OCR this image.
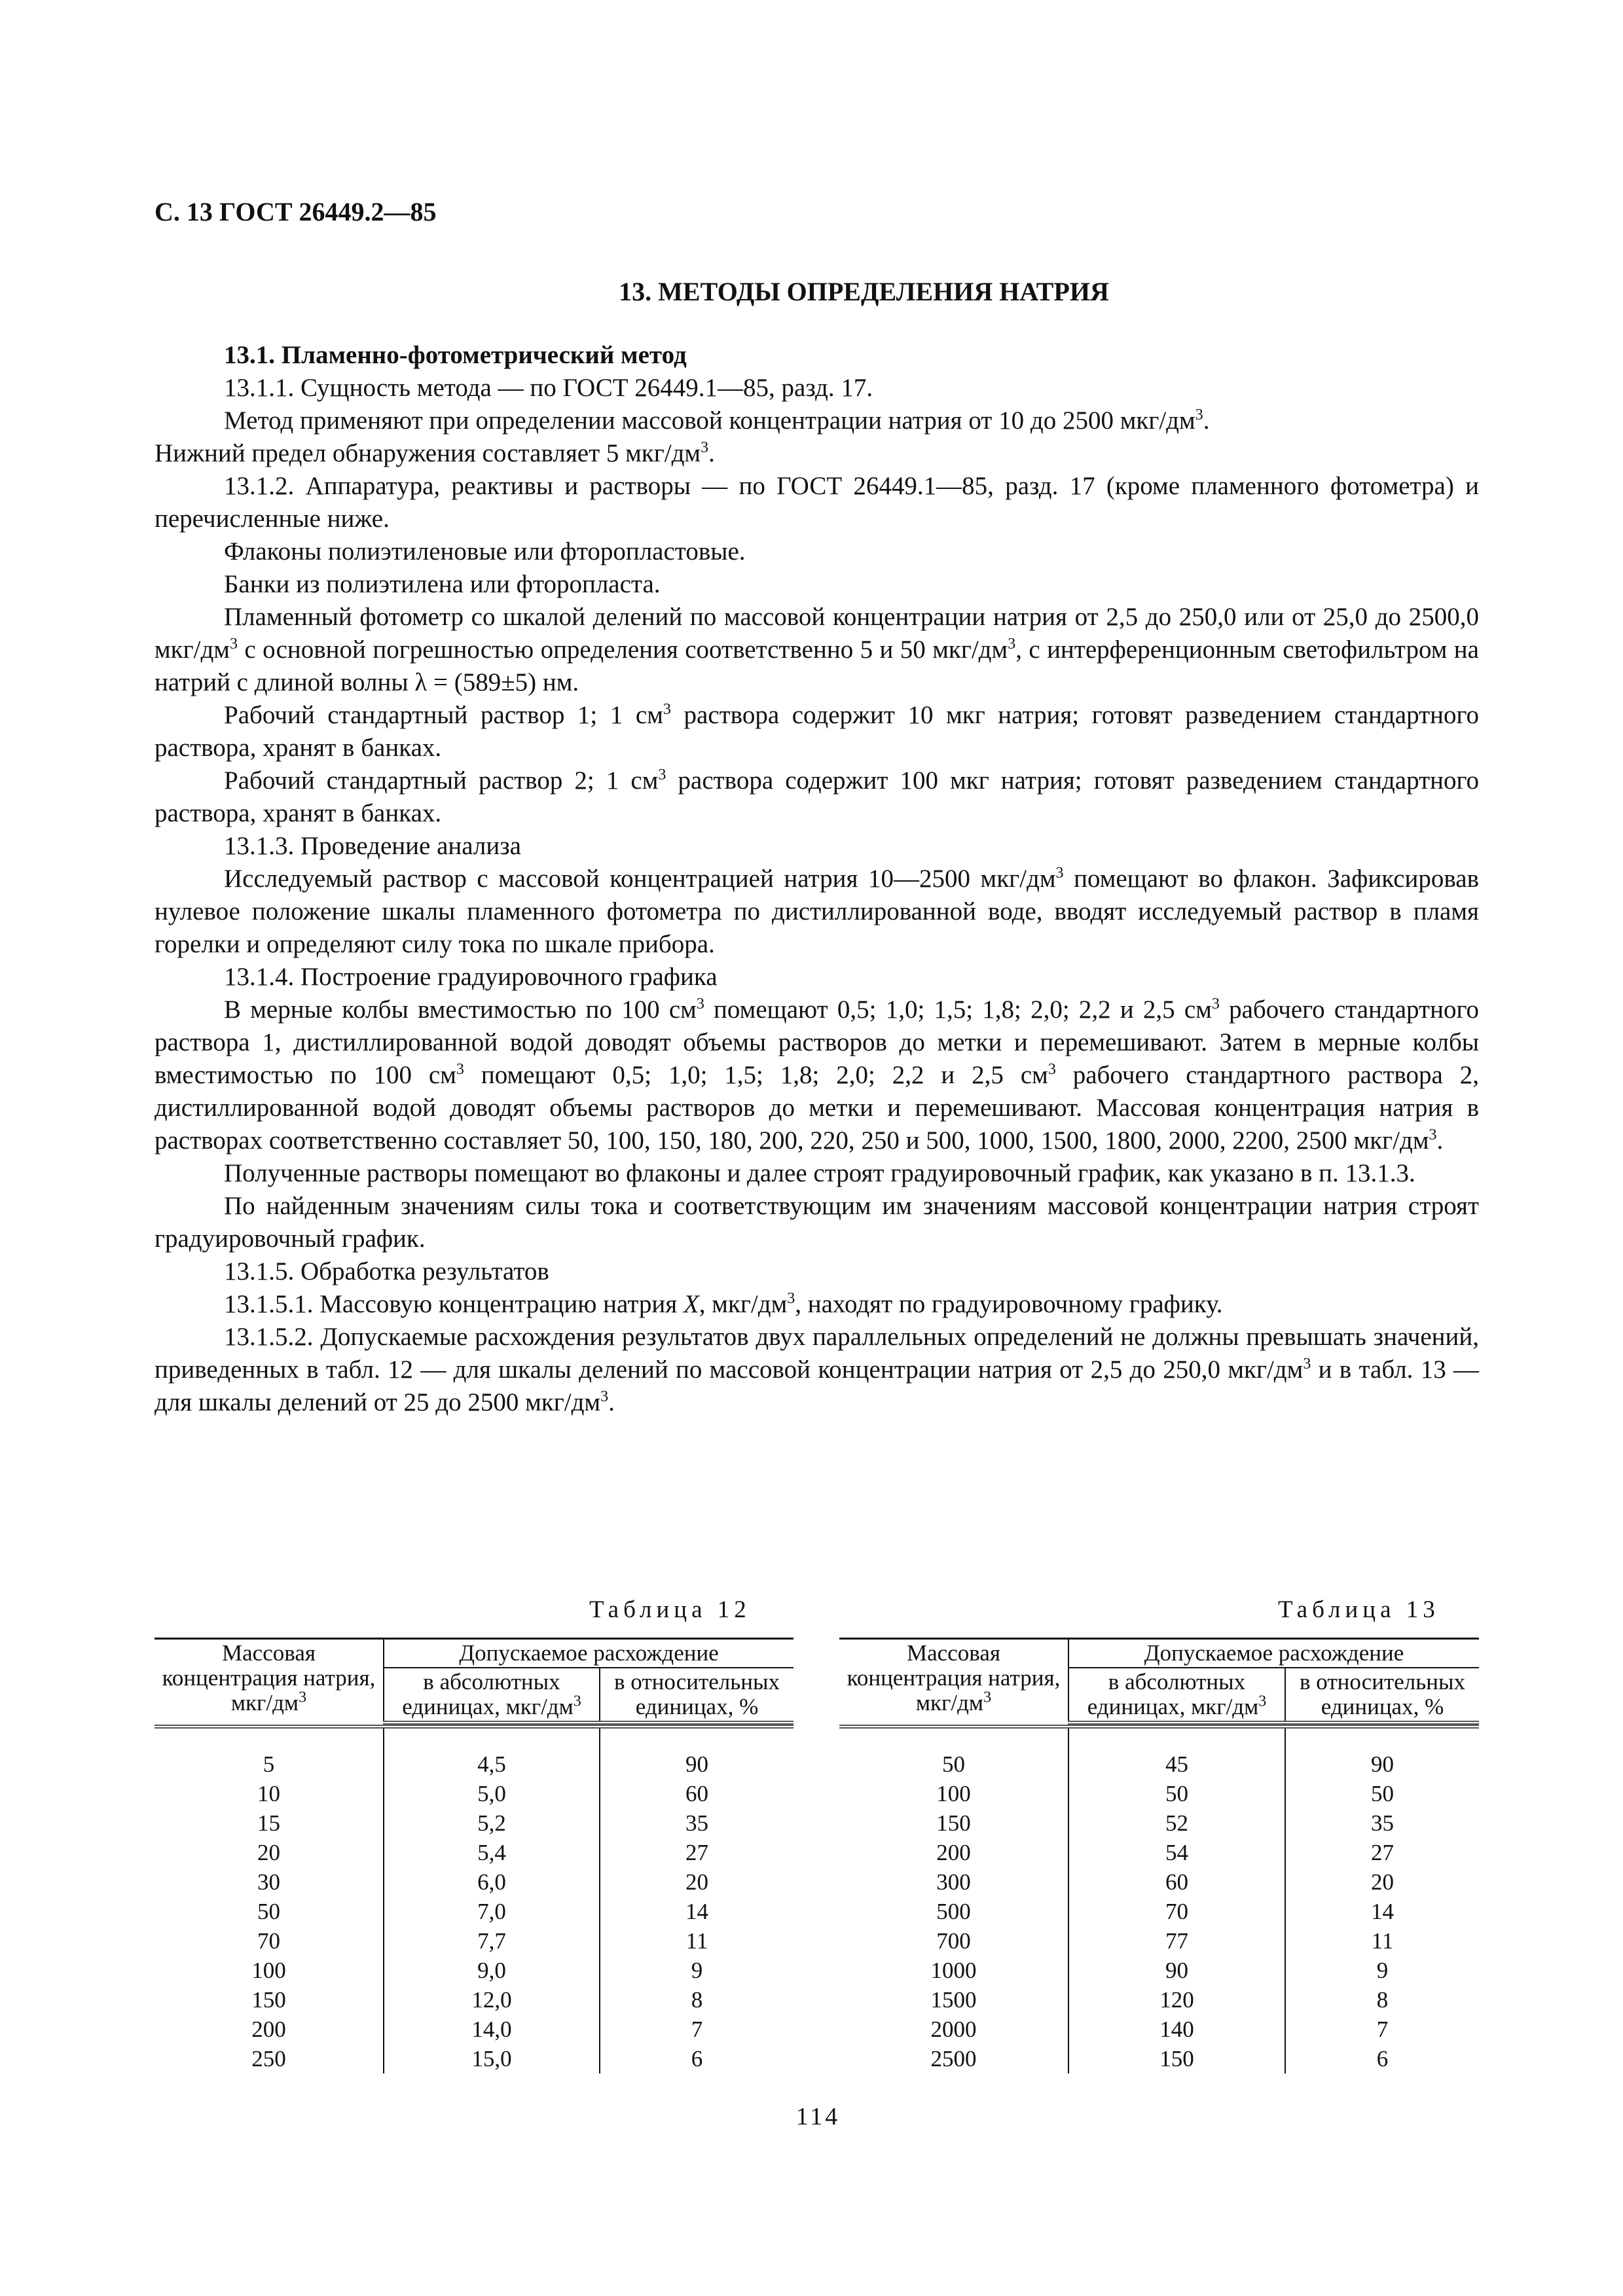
С. 13 ГОСТ 26449.2—85
13. МЕТОДЫ ОПРЕДЕЛЕНИЯ НАТРИЯ

13.1. Пламенно-фотометрический метод

13.1.1. Сущность метода — по ГОСТ 26449.1—85, разд. 17.

Метод применяют при определении массовой концентрации натрия от 10 до 2500 мкг/$дм^3$.
Нижний предел обнаружения составляет 5 мкг/$дм^3$.

13.1.2. Аппаратура, реактивы и растворы — по ГОСТ 26449.1—85, разд. 17 (кроме пламенного фотометра) и перечисленные ниже.

Флаконы полиэтиленовые или фторопластовые.

Банки из полиэтилена или фторопласта.

Пламенный фотометр со шкалой делений по массовой концентрации натрия от 2,5 до 250,0 или от 25,0 до 2500,0 мкг/$дм^3$ с основной погрешностью определения соответственно 5 и 50 мкг/$дм^3$, с интерференционным светофильтром на натрий с длиной волны λ = (589±5) нм.

Рабочий стандартный раствор 1; 1 $см^3$ раствора содержит 10 мкг натрия; готовят разведением стандартного раствора, хранят в банках.

Рабочий стандартный раствор 2; 1 $см^3$ раствора содержит 100 мкг натрия; готовят разведением стандартного раствора, хранят в банках.

13.1.3. Проведение анализа

Исследуемый раствор с массовой концентрацией натрия 10—2500 мкг/$дм^3$ помещают во флакон. Зафиксировав нулевое положение шкалы пламенного фотометра по дистиллированной воде, вводят исследуемый раствор в пламя горелки и определяют силу тока по шкале прибора.

13.1.4. Построение градуировочного графика

В мерные колбы вместимостью по 100 $см^3$ помещают 0,5; 1,0; 1,5; 1,8; 2,0; 2,2 и 2,5 $см^3$ рабочего стандартного раствора 1, дистиллированной водой доводят объемы растворов до метки и перемешивают. Затем в мерные колбы вместимостью по 100 $см^3$ помещают 0,5; 1,0; 1,5; 1,8; 2,0; 2,2 и 2,5 $см^3$ рабочего стандартного раствора 2, дистиллированной водой доводят объемы растворов до метки и перемешивают. Массовая концентрация натрия в растворах соответственно составляет 50, 100, 150, 180, 200, 220, 250 и 500, 1000, 1500, 1800, 2000, 2200, 2500 мкг/$дм^3$.

Полученные растворы помещают во флаконы и далее строят градуировочный график, как указано в п. 13.1.3.

По найденным значениям силы тока и соответствующим им значениям массовой концентрации натрия строят градуировочный график.

13.1.5. Обработка результатов

13.1.5.1. Массовую концентрацию натрия X, мкг/$дм^3$, находят по градуировочному графику.

13.1.5.2. Допускаемые расхождения результатов двух параллельных определений не должны превышать значений, приведенных в табл. 12 — для шкалы делений по массовой концентрации натрия от 2,5 до 250,0 мкг/$дм^3$ и в табл. 13 — для шкалы делений от 25 до 2500 мкг/$дм^3$.

Таблица 12
Массовая концентрация натрия, мкг/$дм^3$	Допускаемое расхождение	
	в абсолютных единицах, мкг/$дм^3$	в относительных единицах, %

5	4,5	90
10	5,0	60
15	5,2	35
20	5,4	27
30	6,0	20
50	7,0	14
70	7,7	11
100	9,0	9
150	12,0	8
200	14,0	7
250	15,0	6
Таблица 13
Массовая концентрация натрия, мкг/$дм^3$	Допускаемое расхождение	
	в абсолютных единицах, мкг/$дм^3$	в относительных единицах, %

50	45	90
100	50	50
150	52	35
200	54	27
300	60	20
500	70	14
700	77	11
1000	90	9
1500	120	8
2000	140	7
2500	150	6
114
